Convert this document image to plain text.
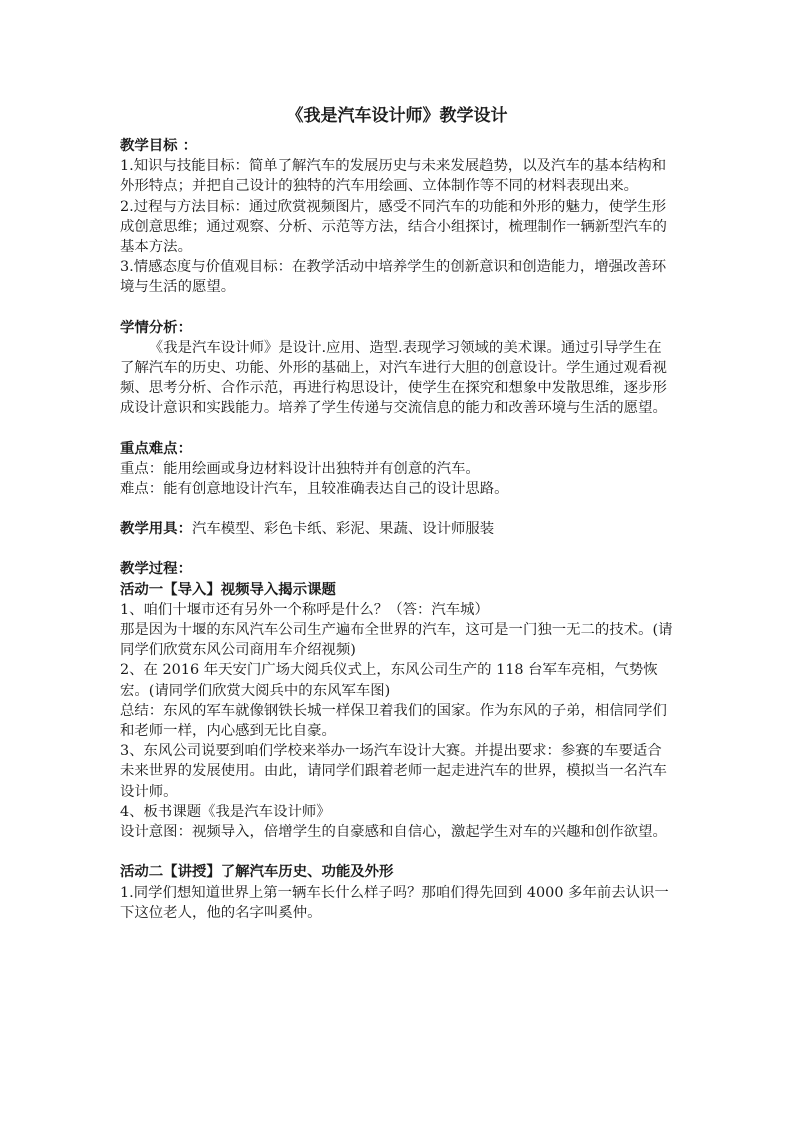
《我是汽车设计师》教学设计

教学目标 ：

1.知识与技能目标：简单了解汽车的发展历史与未来发展趋势，以及汽车的基本结构和外形特点；并把自己设计的独特的汽车用绘画、立体制作等不同的材料表现出来。

2.过程与方法目标：通过欣赏视频图片，感受不同汽车的功能和外形的魅力，使学生形成创意思维；通过观察、分析、示范等方法，结合小组探讨，梳理制作一辆新型汽车的基本方法。

3.情感态度与价值观目标：在教学活动中培养学生的创新意识和创造能力，增强改善环境与生活的愿望。

学情分析：

《我是汽车设计师》是设计.应用、造型.表现学习领域的美术课。通过引导学生在了解汽车的历史、功能、外形的基础上，对汽车进行大胆的创意设计。学生通过观看视频、思考分析、合作示范，再进行构思设计，使学生在探究和想象中发散思维，逐步形成设计意识和实践能力。培养了学生传递与交流信息的能力和改善环境与生活的愿望。

重点难点：

重点：能用绘画或身边材料设计出独特并有创意的汽车。

难点：能有创意地设计汽车，且较准确表达自己的设计思路。

教学用具：汽车模型、彩色卡纸、彩泥、果蔬、设计师服装

教学过程：

活动一【导入】视频导入揭示课题

1、咱们十堰市还有另外一个称呼是什么？（答：汽车城）

那是因为十堰的东风汽车公司生产遍布全世界的汽车，这可是一门独一无二的技术。(请同学们欣赏东风公司商用车介绍视频)

2、在 2016 年天安门广场大阅兵仪式上，东风公司生产的 118 台军车亮相，气势恢宏。(请同学们欣赏大阅兵中的东风军车图)

总结：东风的军车就像钢铁长城一样保卫着我们的国家。作为东风的子弟，相信同学们和老师一样，内心感到无比自豪。

3、东风公司说要到咱们学校来举办一场汽车设计大赛。并提出要求：参赛的车要适合未来世界的发展使用。由此，请同学们跟着老师一起走进汽车的世界，模拟当一名汽车设计师。

4、板书课题《我是汽车设计师》

设计意图：视频导入，倍增学生的自豪感和自信心，激起学生对车的兴趣和创作欲望。

活动二【讲授】了解汽车历史、功能及外形

1.同学们想知道世界上第一辆车长什么样子吗？那咱们得先回到 4000 多年前去认识一下这位老人，他的名字叫奚仲。
